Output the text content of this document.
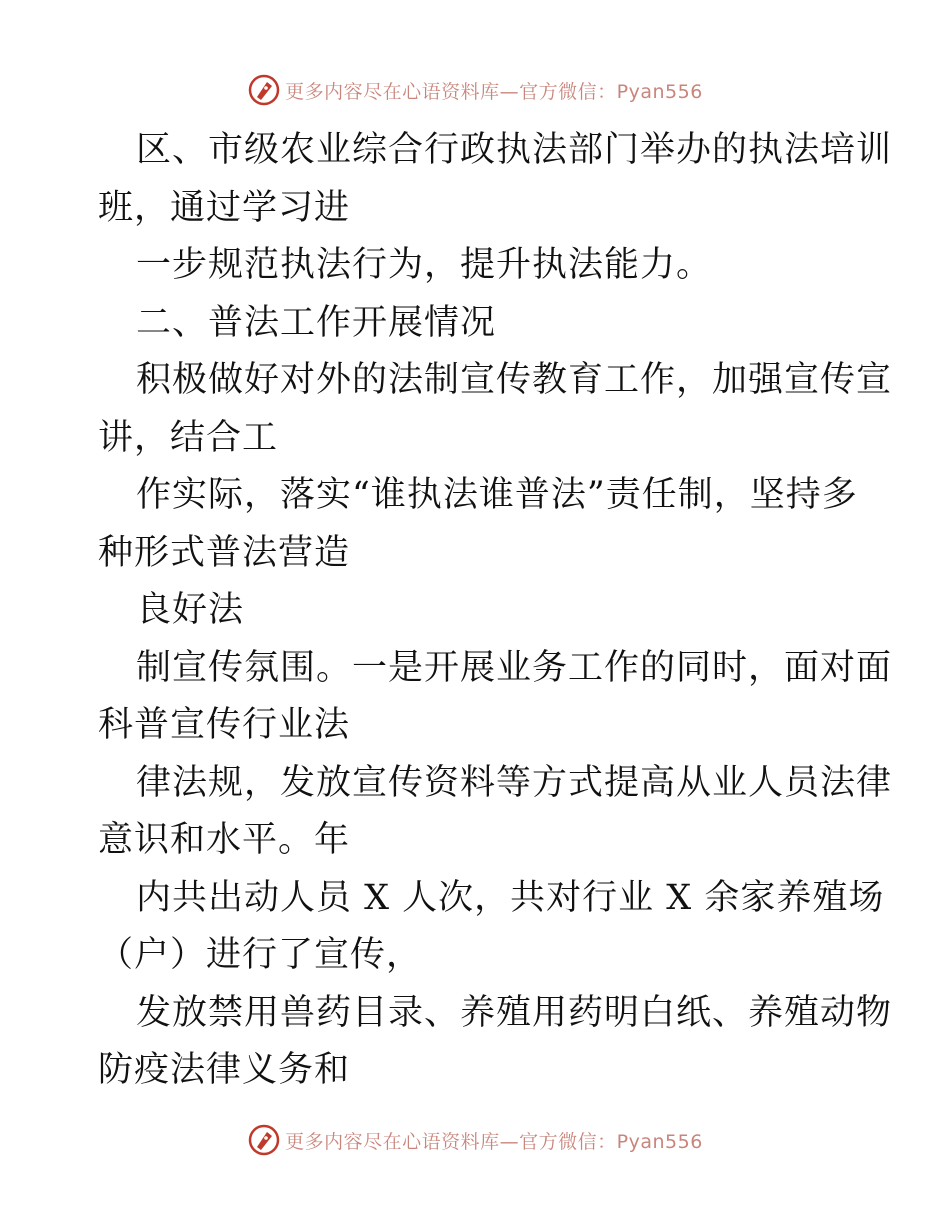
更多内容尽在心语资料库—官方微信：Pyan556
区、市级农业综合行政执法部门举办的执法培训
班，通过学习进
一步规范执法行为，提升执法能力。
二、普法工作开展情况
积极做好对外的法制宣传教育工作，加强宣传宣
讲，结合工
作实际，落实“谁执法谁普法”责任制，坚持多
种形式普法营造
良好法
制宣传氛围。一是开展业务工作的同时，面对面
科普宣传行业法
律法规，发放宣传资料等方式提高从业人员法律
意识和水平。年
内共出动人员 X 人次，共对行业 X 余家养殖场
（户）进行了宣传，
发放禁用兽药目录、养殖用药明白纸、养殖动物
防疫法律义务和
更多内容尽在心语资料库—官方微信：Pyan556
